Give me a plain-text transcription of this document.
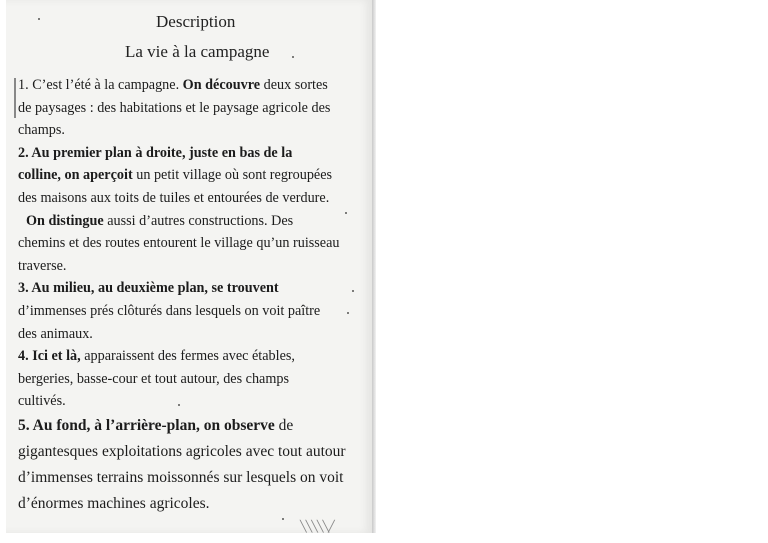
Description
La vie à la campagne
1. C’est l’été à la campagne. On découvre deux sortes
de paysages : des habitations et le paysage agricole des
champs.
2. Au premier plan à droite, juste en bas de la
colline, on aperçoit un petit village où sont regroupées
des maisons aux toits de tuiles et entourées de verdure.
On distingue aussi d’autres constructions. Des
chemins et des routes entourent le village qu’un ruisseau
traverse.
3. Au milieu, au deuxième plan, se trouvent
d’immenses prés clôturés dans lesquels on voit paître
des animaux.
4. Ici et là, apparaissent des fermes avec étables,
bergeries, basse-cour et tout autour, des champs
cultivés.
5. Au fond, à l’arrière-plan, on observe de
gigantesques exploitations agricoles avec tout autour
d’immenses terrains moissonnés sur lesquels on voit
d’énormes machines agricoles.
╲╲╲╲╲╱
